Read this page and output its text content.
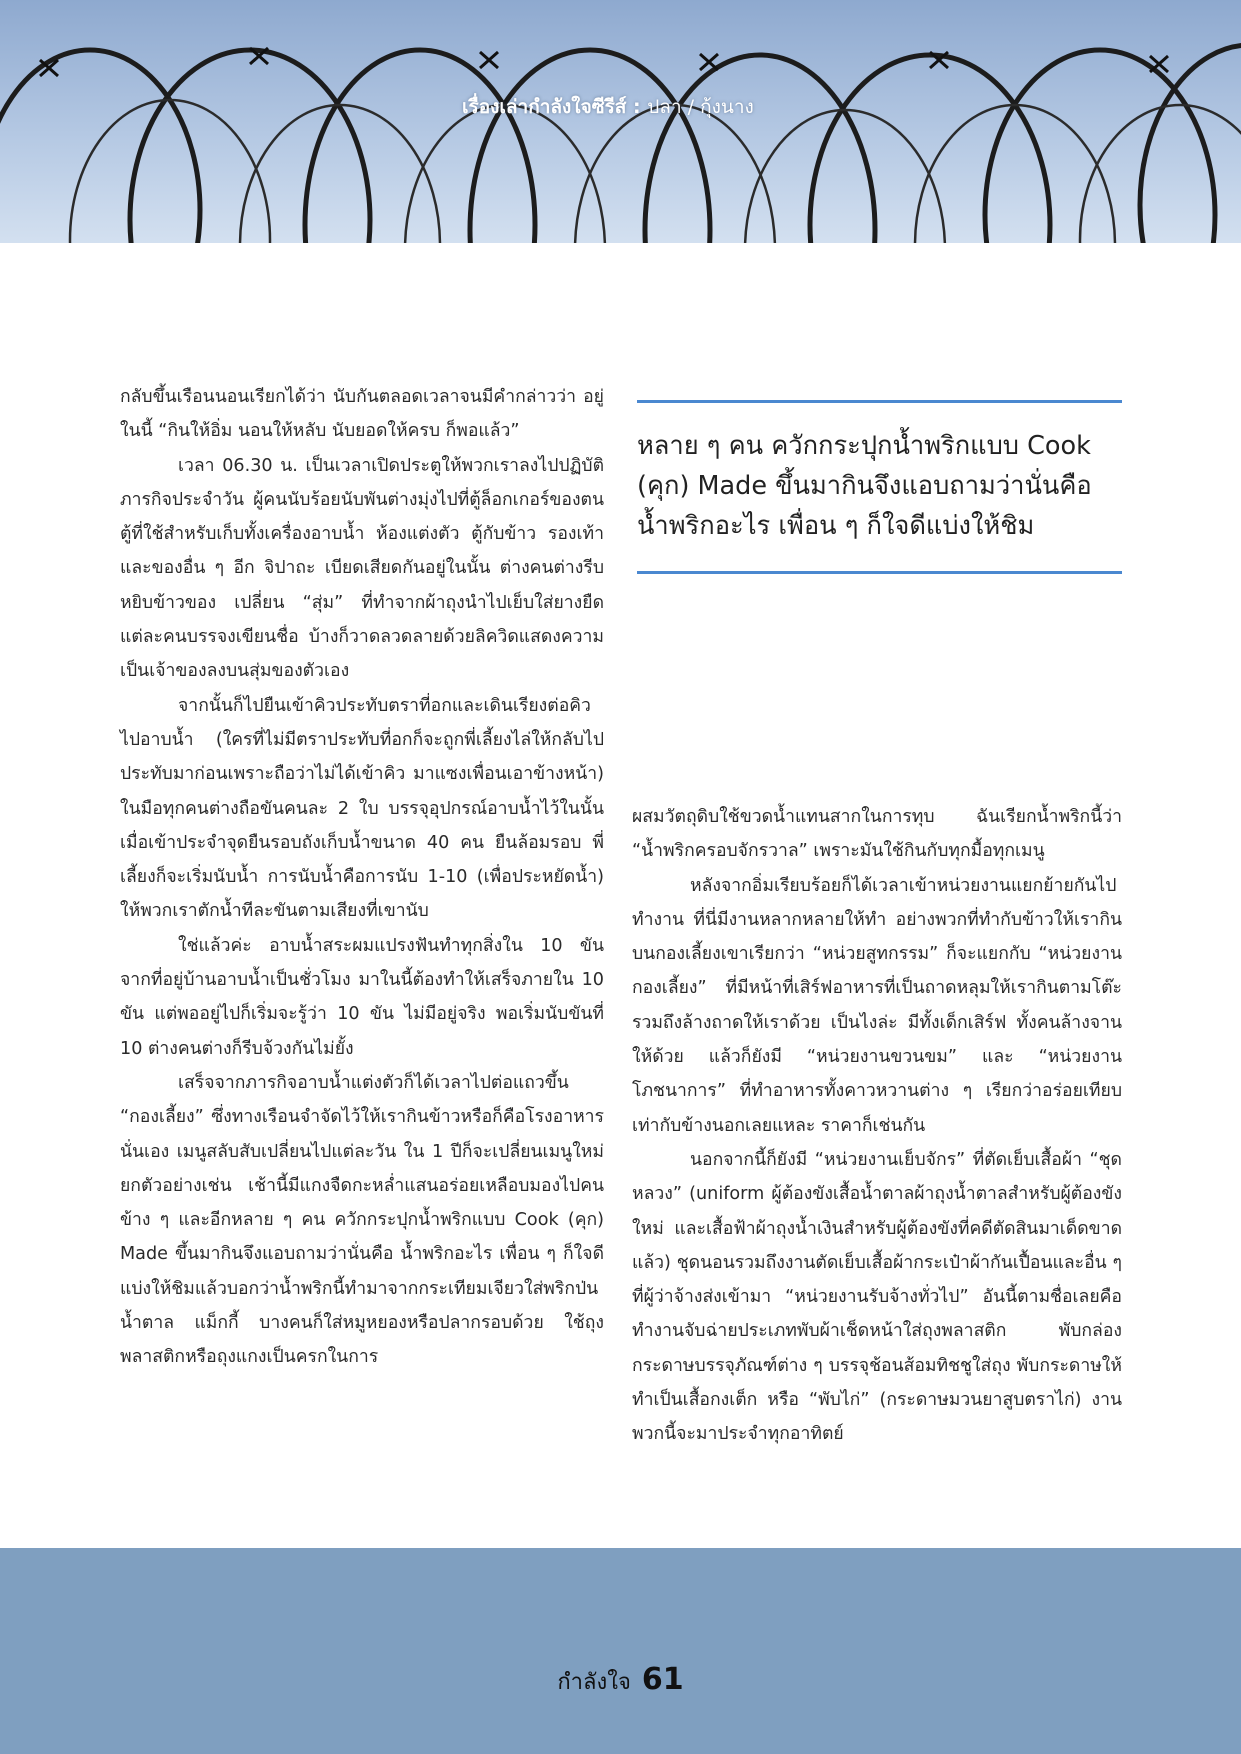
เรื่องเล่ากำลังใจซีรีส์ : ปลา / กุ้งนาง

กลับขึ้นเรือนนอนเรียกได้ว่า นับกันตลอดเวลาจนมีคำกล่าวว่า อยู่ในนี้ “กินให้อิ่ม นอนให้หลับ นับยอดให้ครบ ก็พอแล้ว”

เวลา 06.30 น. เป็นเวลาเปิดประตูให้พวกเราลงไปปฏิบัติภารกิจประจำวัน ผู้คนนับร้อยนับพันต่างมุ่งไปที่ตู้ล็อกเกอร์ของตน ตู้ที่ใช้สำหรับเก็บทั้งเครื่องอาบน้ำ ห้องแต่งตัว ตู้กับข้าว รองเท้า และของอื่น ๆ อีก จิปาถะ เบียดเสียดกันอยู่ในนั้น ต่างคนต่างรีบหยิบข้าวของ เปลี่ยน “สุ่ม” ที่ทำจากผ้าถุงนำไปเย็บใส่ยางยืด แต่ละคนบรรจงเขียนชื่อ บ้างก็วาดลวดลายด้วยลิควิดแสดงความเป็นเจ้าของลงบนสุ่มของตัวเอง

จากนั้นก็ไปยืนเข้าคิวประทับตราที่อกและเดินเรียงต่อคิวไปอาบน้ำ (ใครที่ไม่มีตราประทับที่อกก็จะถูกพี่เลี้ยงไล่ให้กลับไปประทับมาก่อนเพราะถือว่าไม่ได้เข้าคิว มาแซงเพื่อนเอาข้างหน้า) ในมือทุกคนต่างถือขันคนละ 2 ใบ บรรจุอุปกรณ์อาบน้ำไว้ในนั้น เมื่อเข้าประจำจุดยืนรอบถังเก็บน้ำขนาด 40 คน ยืนล้อมรอบ พี่เลี้ยงก็จะเริ่มนับน้ำ การนับน้ำคือการนับ 1-10 (เพื่อประหยัดน้ำ) ให้พวกเราตักน้ำทีละขันตามเสียงที่เขานับ

ใช่แล้วค่ะ อาบน้ำสระผมแปรงฟันทำทุกสิ่งใน 10 ขัน จากที่อยู่บ้านอาบน้ำเป็นชั่วโมง มาในนี้ต้องทำให้เสร็จภายใน 10 ขัน แต่พออยู่ไปก็เริ่มจะรู้ว่า 10 ขัน ไม่มีอยู่จริง พอเริ่มนับขันที่ 10 ต่างคนต่างก็รีบจ้วงกันไม่ยั้ง

เสร็จจากภารกิจอาบน้ำแต่งตัวก็ได้เวลาไปต่อแถวขึ้น “กองเลี้ยง” ซึ่งทางเรือนจำจัดไว้ให้เรากินข้าวหรือก็คือโรงอาหารนั่นเอง เมนูสลับสับเปลี่ยนไปแต่ละวัน ใน 1 ปีก็จะเปลี่ยนเมนูใหม่ ยกตัวอย่างเช่น เช้านี้มีแกงจืดกะหล่ำแสนอร่อยเหลือบมองไปคนข้าง ๆ และอีกหลาย ๆ คน ควักกระปุกน้ำพริกแบบ Cook (คุก) Made ขึ้นมากินจึงแอบถามว่านั่นคือ น้ำพริกอะไร เพื่อน ๆ ก็ใจดีแบ่งให้ชิมแล้วบอกว่าน้ำพริกนี้ทำมาจากกระเทียมเจียวใส่พริกป่น น้ำตาล แม็กกี้ บางคนก็ใส่หมูหยองหรือปลากรอบด้วย ใช้ถุงพลาสติกหรือถุงแกงเป็นครกในการ

หลาย ๆ คน ควักกระปุกน้ำพริกแบบ Cook (คุก) Made ขึ้นมากินจึงแอบถามว่านั่นคือ น้ำพริกอะไร เพื่อน ๆ ก็ใจดีแบ่งให้ชิม

ผสมวัตถุดิบใช้ขวดน้ำแทนสากในการทุบ ฉันเรียกน้ำพริกนี้ว่า “น้ำพริกครอบจักรวาล” เพราะมันใช้กินกับทุกมื้อทุกเมนู

หลังจากอิ่มเรียบร้อยก็ได้เวลาเข้าหน่วยงานแยกย้ายกันไปทำงาน ที่นี่มีงานหลากหลายให้ทำ อย่างพวกที่ทำกับข้าวให้เรากินบนกองเลี้ยงเขาเรียกว่า “หน่วยสูทกรรม” ก็จะแยกกับ “หน่วยงานกองเลี้ยง” ที่มีหน้าที่เสิร์ฟอาหารที่เป็นถาดหลุมให้เรากินตามโต๊ะ รวมถึงล้างถาดให้เราด้วย เป็นไงล่ะ มีทั้งเด็กเสิร์ฟ ทั้งคนล้างจานให้ด้วย แล้วก็ยังมี “หน่วยงานขวนขม” และ “หน่วยงานโภชนาการ” ที่ทำอาหารทั้งคาวหวานต่าง ๆ เรียกว่าอร่อยเทียบเท่ากับข้างนอกเลยแหละ ราคาก็เช่นกัน

นอกจากนี้ก็ยังมี “หน่วยงานเย็บจักร” ที่ตัดเย็บเสื้อผ้า “ชุดหลวง” (uniform ผู้ต้องขังเสื้อน้ำตาลผ้าถุงน้ำตาลสำหรับผู้ต้องขังใหม่ และเสื้อฟ้าผ้าถุงน้ำเงินสำหรับผู้ต้องขังที่คดีตัดสินมาเด็ดขาดแล้ว) ชุดนอนรวมถึงงานตัดเย็บเสื้อผ้ากระเป๋าผ้ากันเปื้อนและอื่น ๆ ที่ผู้ว่าจ้างส่งเข้ามา “หน่วยงานรับจ้างทั่วไป” อันนี้ตามชื่อเลยคือทำงานจับฉ่ายประเภทพับผ้าเช็ดหน้าใส่ถุงพลาสติก พับกล่องกระดาษบรรจุภัณฑ์ต่าง ๆ บรรจุช้อนส้อมทิชชูใส่ถุง พับกระดาษให้ทำเป็นเสื้อกงเต็ก หรือ “พับไก่” (กระดาษมวนยาสูบตราไก่) งานพวกนี้จะมาประจำทุกอาทิตย์

กำลังใจ 61
